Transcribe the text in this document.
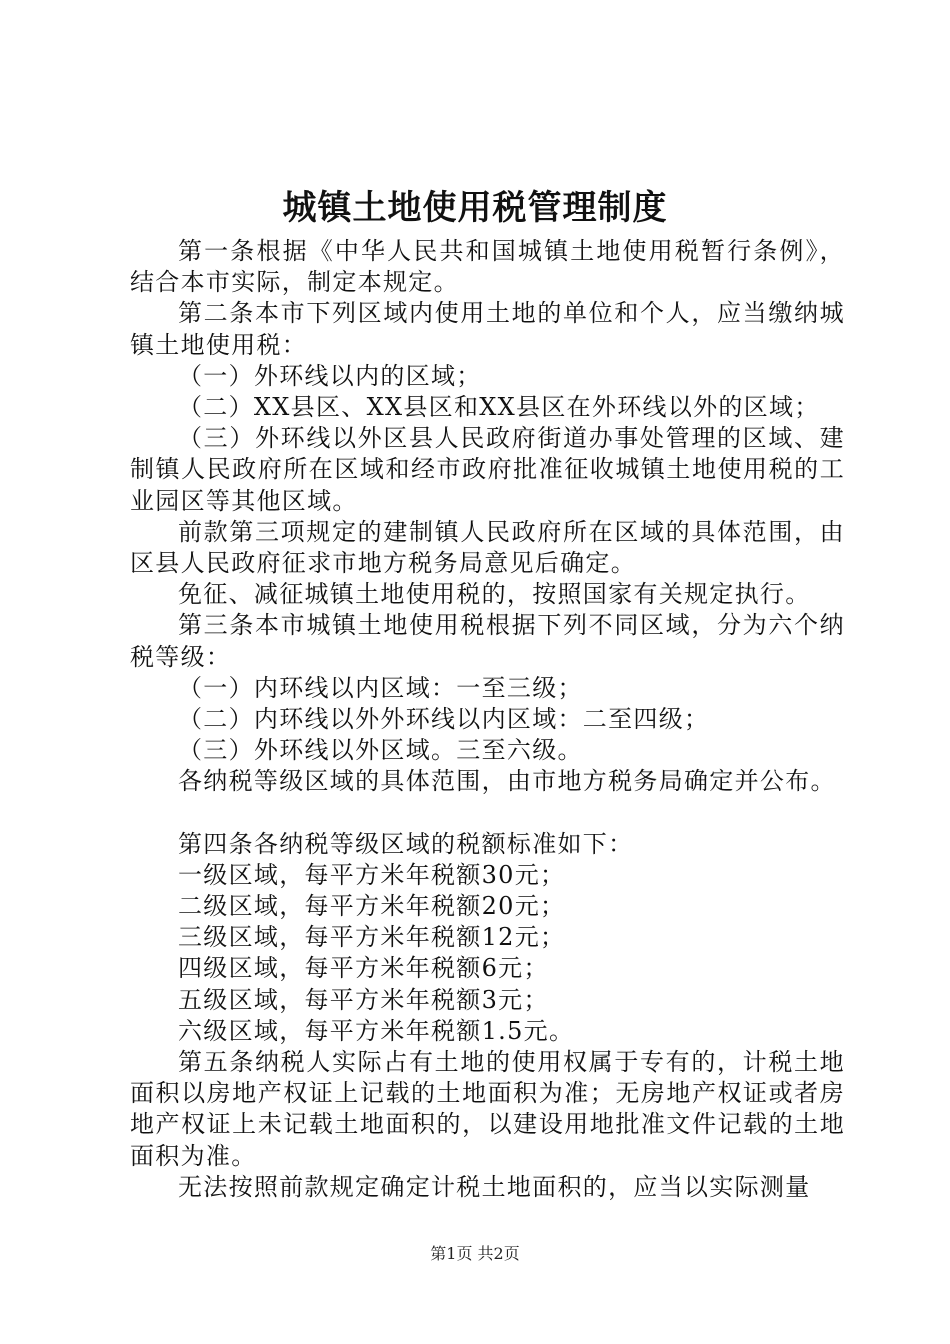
城镇土地使用税管理制度

第一条根据《中华人民共和国城镇土地使用税暂行条例》，结合本市实际，制定本规定。

第二条本市下列区域内使用土地的单位和个人，应当缴纳城镇土地使用税：

（一）外环线以内的区域；

（二）XX县区、XX县区和XX县区在外环线以外的区域；

（三）外环线以外区县人民政府街道办事处管理的区域、建制镇人民政府所在区域和经市政府批准征收城镇土地使用税的工业园区等其他区域。

前款第三项规定的建制镇人民政府所在区域的具体范围，由区县人民政府征求市地方税务局意见后确定。

免征、减征城镇土地使用税的，按照国家有关规定执行。

第三条本市城镇土地使用税根据下列不同区域，分为六个纳税等级：

（一）内环线以内区域：一至三级；

（二）内环线以外外环线以内区域：二至四级；

（三）外环线以外区域。三至六级。

各纳税等级区域的具体范围，由市地方税务局确定并公布。

第四条各纳税等级区域的税额标准如下：

一级区域，每平方米年税额30元；

二级区域，每平方米年税额20元；

三级区域，每平方米年税额12元；

四级区域，每平方米年税额6元；

五级区域，每平方米年税额3元；

六级区域，每平方米年税额1.5元。

第五条纳税人实际占有土地的使用权属于专有的，计税土地面积以房地产权证上记载的土地面积为准；无房地产权证或者房地产权证上未记载土地面积的，以建设用地批准文件记载的土地面积为准。

无法按照前款规定确定计税土地面积的，应当以实际测量

第1页 共2页
